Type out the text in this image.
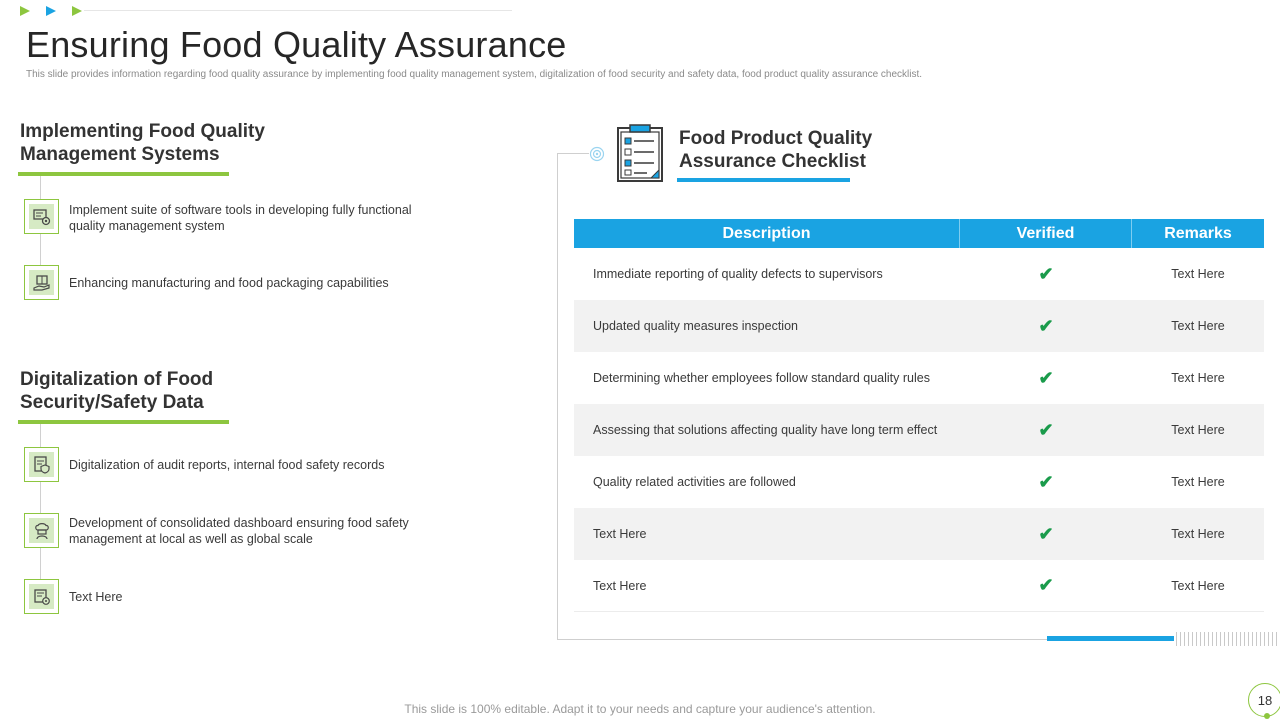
Ensuring Food Quality Assurance

This slide provides information regarding food quality assurance by implementing food quality management system, digitalization of food security and safety data, food product quality assurance checklist.

Implementing Food Quality Management Systems
Implement suite of software tools in developing fully functional quality management system
Enhancing manufacturing and food packaging capabilities
Digitalization of Food Security/Safety Data
Digitalization of audit reports, internal food safety records
Development of consolidated dashboard ensuring food safety management at local as well as global scale
Text Here
Food Product Quality Assurance Checklist
Description	Verified	Remarks
Immediate reporting of quality defects to supervisors	✔	Text Here
Updated quality measures inspection	✔	Text Here
Determining whether employees follow standard quality rules	✔	Text Here
Assessing that solutions affecting quality have long term effect	✔	Text Here
Quality related activities are followed	✔	Text Here
Text Here	✔	Text Here
Text Here	✔	Text Here
This slide is 100% editable. Adapt it to your needs and capture your audience's attention.
18
